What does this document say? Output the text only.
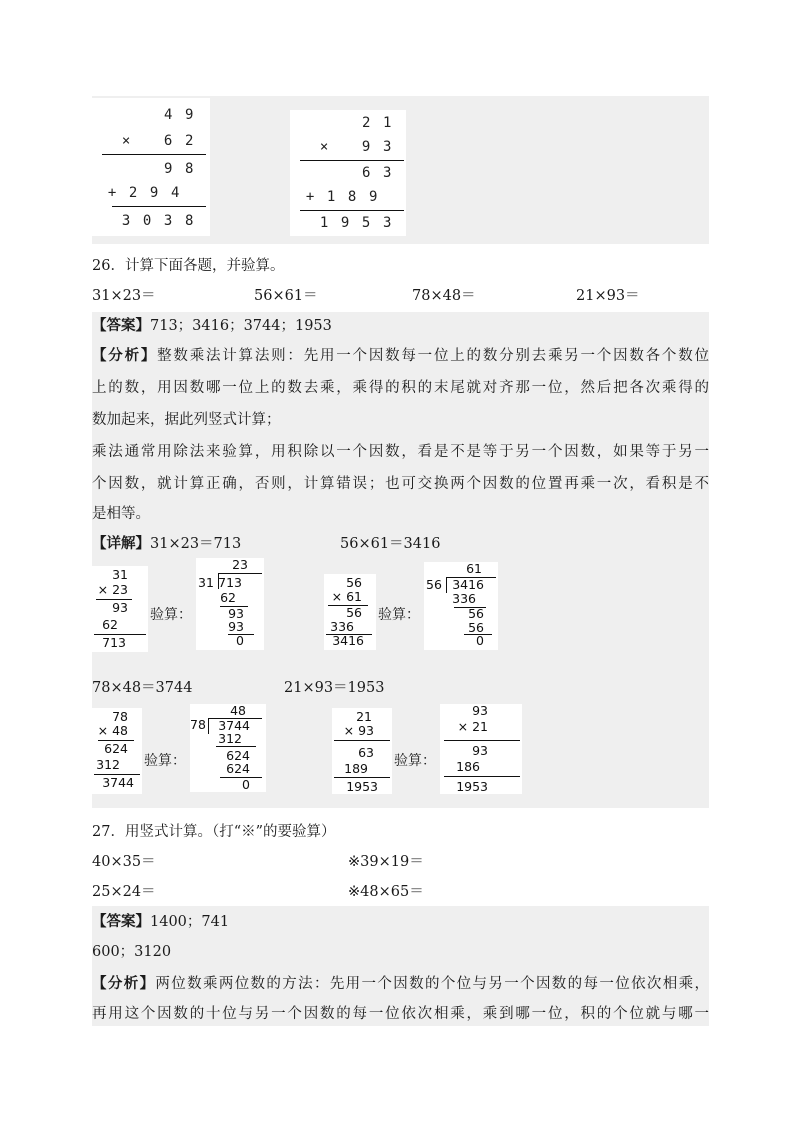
49
× 62
98
+294
3038
21
× 93
63
+189
1953
26．计算下面各题，并验算。
31×23＝	56×61＝	78×48＝	21×93＝
【答案】713；3416；3744；1953
【分析】整数乘法计算法则：先用一个因数每一位上的数分别去乘另一个因数各个数位
上的数，用因数哪一位上的数去乘，乘得的积的末尾就对齐那一位，然后把各次乘得的
数加起来，据此列竖式计算；
乘法通常用除法来验算，用积除以一个因数，看是不是等于另一个因数，如果等于另一
个因数，就计算正确，否则，计算错误；也可交换两个因数的位置再乘一次，看积是不
是相等。
【详解】31×23＝713	56×61＝3416
31
× 23
93
62
713
验算：
23
31 713
62
93
93
0
56
× 61
56
336
3416
验算：
61
56 3416
336
56
56
0
78×48＝3744	21×93＝1953
78
× 48
624
312
3744
验算：
48
78 3744
312
624
624
0
21
× 93
63
189
1953
验算：
93
× 21
93
186
1953
27．用竖式计算。（打“※”的要验算）
40×35＝	※39×19＝
25×24＝	※48×65＝
【答案】1400；741
600；3120
【分析】两位数乘两位数的方法：先用一个因数的个位与另一个因数的每一位依次相乘，
再用这个因数的十位与另一个因数的每一位依次相乘，乘到哪一位，积的个位就与哪一
